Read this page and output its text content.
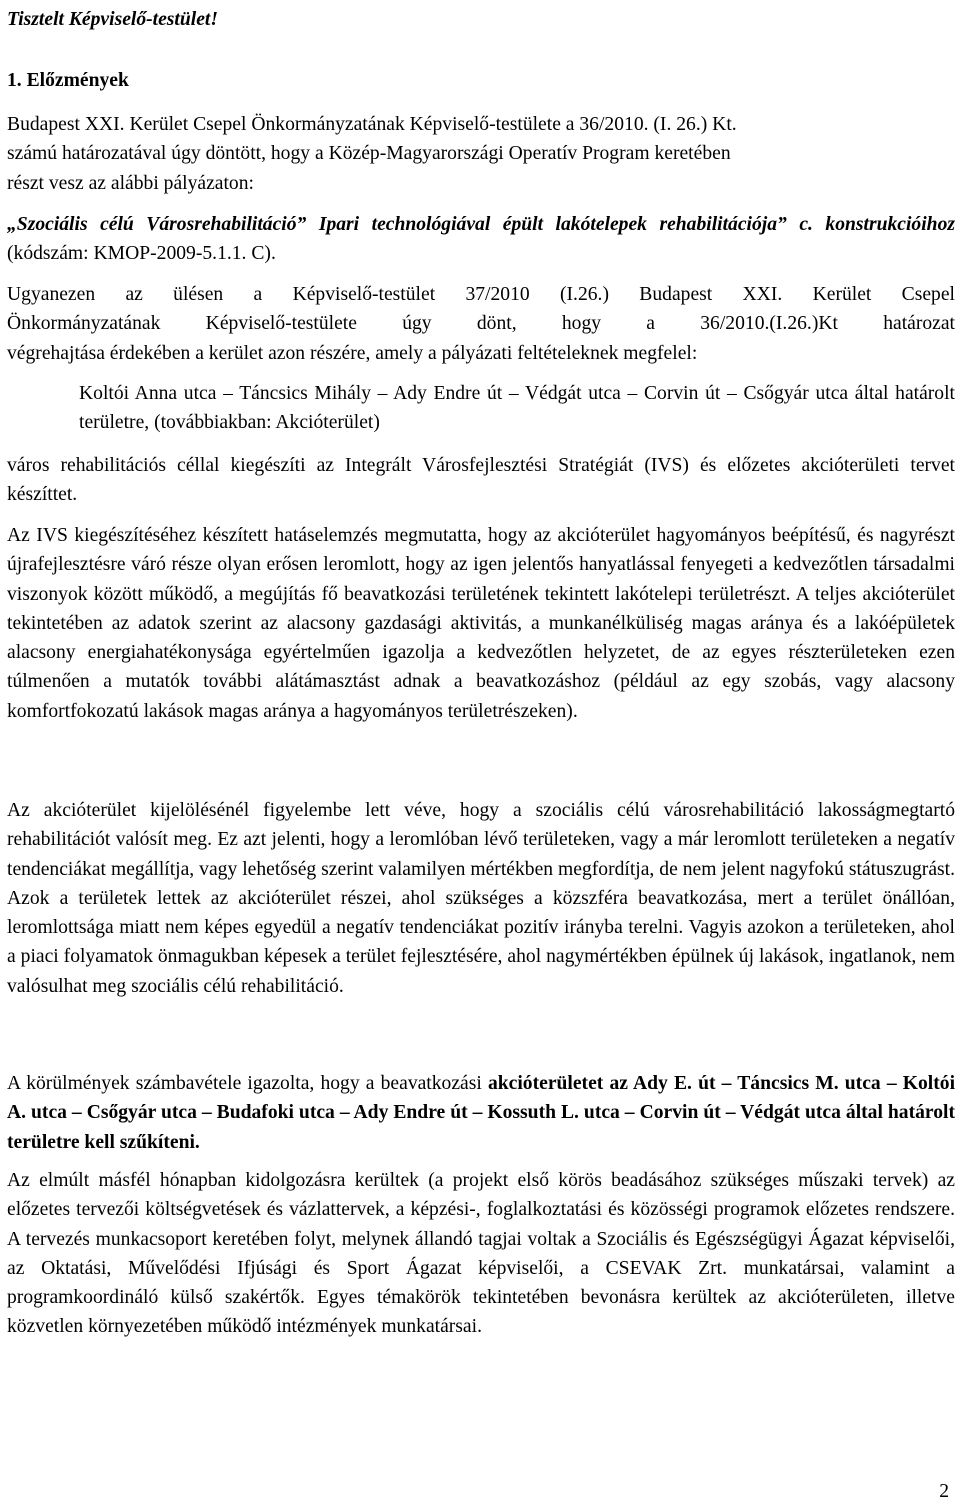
Tisztelt Képviselő-testület!

1. Előzmények

Budapest XXI. Kerület Csepel Önkormányzatának Képviselő-testülete a 36/2010. (I. 26.) Kt.
számú határozatával úgy döntött, hogy a Közép-Magyarországi Operatív Program keretében
részt vesz az alábbi pályázaton:

„Szociális célú Városrehabilitáció” Ipari technológiával épült lakótelepek rehabilitációja” c. konstrukcióihoz (kódszám: KMOP-2009-5.1.1. C).

Ugyanezen az ülésen a Képviselő-testület 37/2010 (I.26.) Budapest XXI. Kerület Csepel
Önkormányzatának Képviselő-testülete úgy dönt, hogy a 36/2010.(I.26.)Kt határozat
végrehajtása érdekében a kerület azon részére, amely a pályázati feltételeknek megfelel:

Koltói Anna utca – Táncsics Mihály – Ady Endre út – Védgát utca – Corvin út – Csőgyár utca által határolt területre, (továbbiakban: Akcióterület)

város rehabilitációs céllal kiegészíti az Integrált Városfejlesztési Stratégiát (IVS) és előzetes akcióterületi tervet készíttet.

Az IVS kiegészítéséhez készített hatáselemzés megmutatta, hogy az akcióterület hagyományos beépítésű, és nagyrészt újrafejlesztésre váró része olyan erősen leromlott, hogy az igen jelentős hanyatlással fenyegeti a kedvezőtlen társadalmi viszonyok között működő, a megújítás fő beavatkozási területének tekintett lakótelepi területrészt. A teljes akcióterület tekintetében az adatok szerint az alacsony gazdasági aktivitás, a munkanélküliség magas aránya és a lakóépületek alacsony energiahatékonysága egyértelműen igazolja a kedvezőtlen helyzetet, de az egyes részterületeken ezen túlmenően a mutatók további alátámasztást adnak a beavatkozáshoz (például az egy szobás, vagy alacsony komfortfokozatú lakások magas aránya a hagyományos területrészeken).

Az akcióterület kijelölésénél figyelembe lett véve, hogy a szociális célú városrehabilitáció lakosságmegtartó rehabilitációt valósít meg. Ez azt jelenti, hogy a leromlóban lévő területeken, vagy a már leromlott területeken a negatív tendenciákat megállítja, vagy lehetőség szerint valamilyen mértékben megfordítja, de nem jelent nagyfokú státuszugrást. Azok a területek lettek az akcióterület részei, ahol szükséges a közszféra beavatkozása, mert a terület önállóan, leromlottsága miatt nem képes egyedül a negatív tendenciákat pozitív irányba terelni. Vagyis azokon a területeken, ahol a piaci folyamatok önmagukban képesek a terület fejlesztésére, ahol nagymértékben épülnek új lakások, ingatlanok, nem valósulhat meg szociális célú rehabilitáció.

A körülmények számbavétele igazolta, hogy a beavatkozási akcióterületet az Ady E. út – Táncsics M. utca – Koltói A. utca – Csőgyár utca – Budafoki utca – Ady Endre út – Kossuth L. utca – Corvin út – Védgát utca által határolt területre kell szűkíteni.

Az elmúlt másfél hónapban kidolgozásra kerültek (a projekt első körös beadásához szükséges műszaki tervek) az előzetes tervezői költségvetések és vázlattervek, a képzési-, foglalkoztatási és közösségi programok előzetes rendszere. A tervezés munkacsoport keretében folyt, melynek állandó tagjai voltak a Szociális és Egészségügyi Ágazat képviselői, az Oktatási, Művelődési Ifjúsági és Sport Ágazat képviselői, a CSEVAK Zrt. munkatársai, valamint a programkoordináló külső szakértők. Egyes témakörök tekintetében bevonásra kerültek az akcióterületen, illetve közvetlen környezetében működő intézmények munkatársai.

2
